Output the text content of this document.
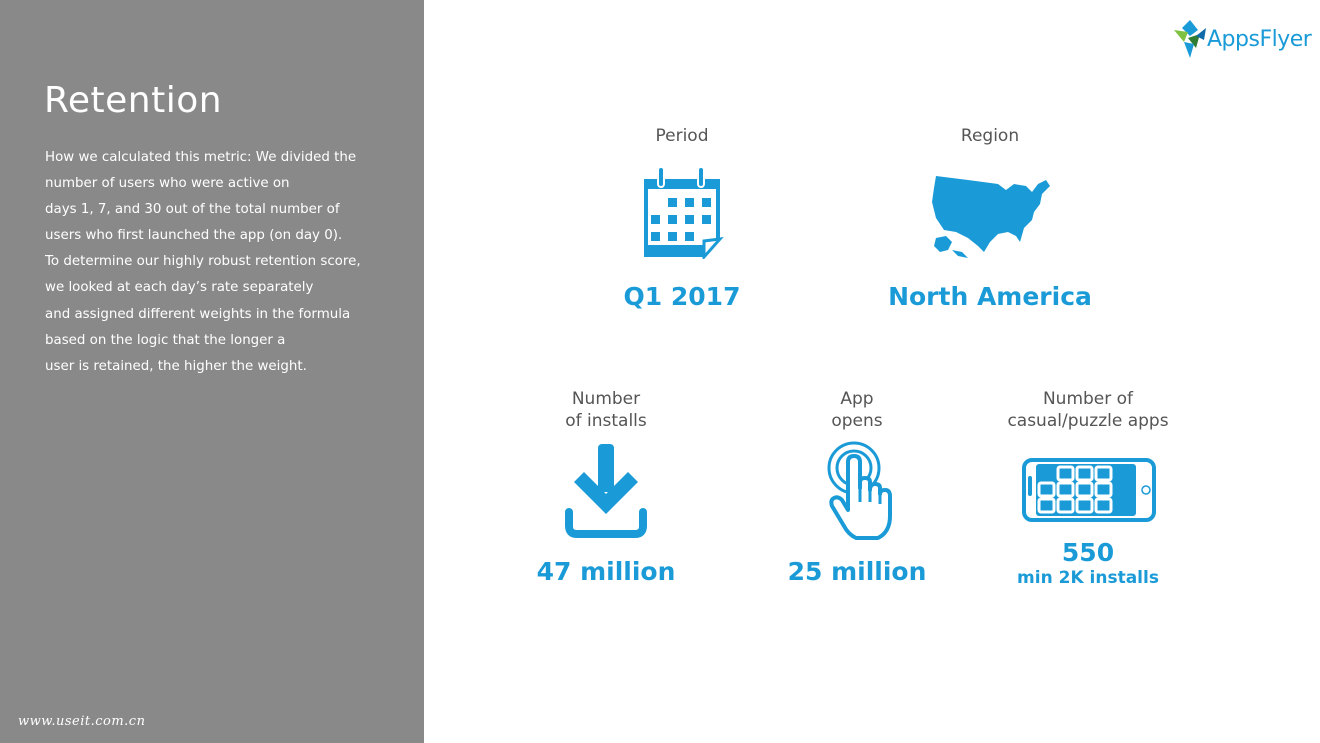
Retention
How we calculated this metric: We divided the
number of users who were active on
days 1, 7, and 30 out of the total number of
users who first launched the app (on day 0).
To determine our highly robust retention score,
we looked at each day’s rate separately
and assigned different weights in the formula
based on the logic that the longer a
user is retained, the higher the weight.
www.useit.com.cn
AppsFlyer
Period
Q1 2017
Region
North America
Number
of installs
47 million
App
opens
25 million
Number of
casual/puzzle apps
550
min 2K installs
